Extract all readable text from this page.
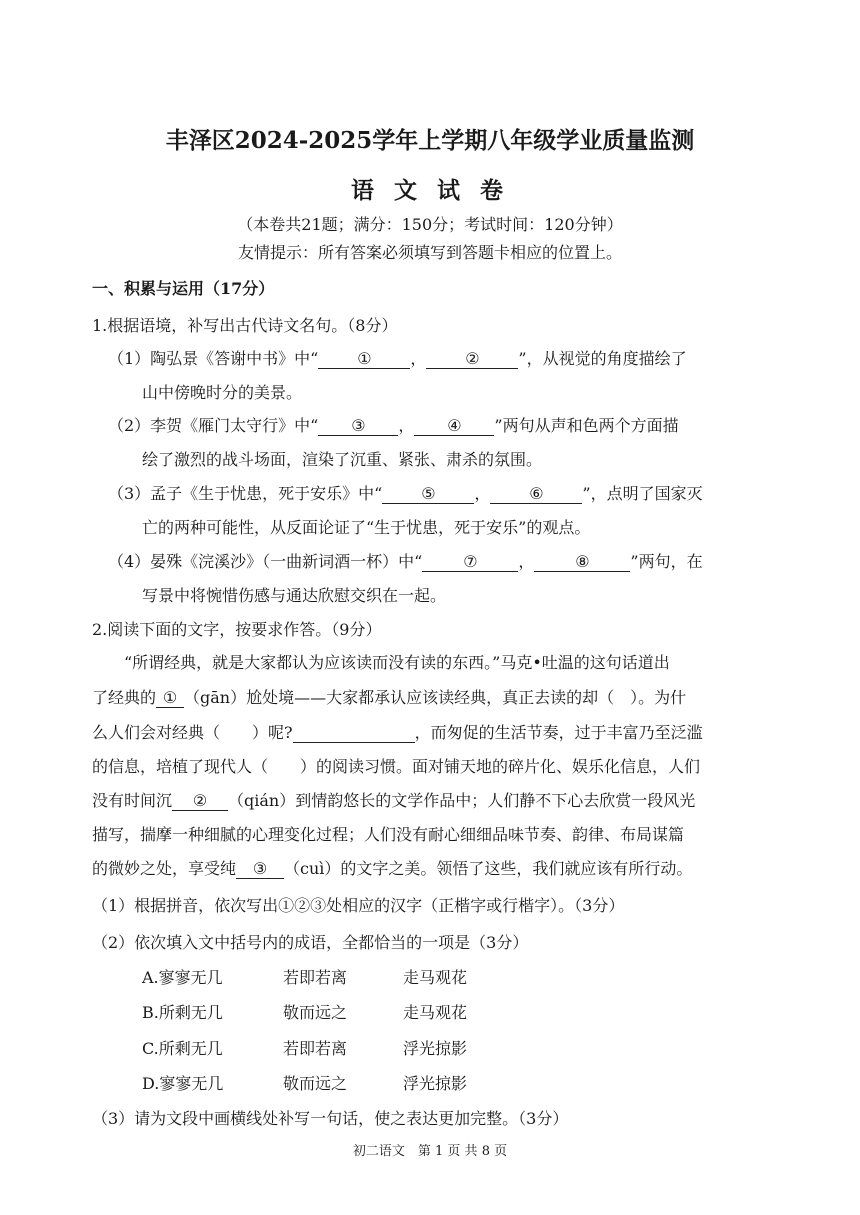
丰泽区2024-2025学年上学期八年级学业质量监测
语 文 试 卷
（本卷共21题；满分：150分；考试时间：120分钟）
友情提示：所有答案必须填写到答题卡相应的位置上。
一、积累与运用（17分）
1.根据语境，补写出古代诗文名句。（8分）
（1）陶弘景《答谢中书》中“ ① ， ② ”，从视觉的角度描绘了
山中傍晚时分的美景。
（2）李贺《雁门太守行》中“ ③ ， ④ ”两句从声和色两个方面描
绘了激烈的战斗场面，渲染了沉重、紧张、肃杀的氛围。
（3）孟子《生于忧患，死于安乐》中“ ⑤ ， ⑥ ”，点明了国家灭
亡的两种可能性，从反面论证了“生于忧患，死于安乐”的观点。
（4）晏殊《浣溪沙》（一曲新词酒一杯）中“	⑦	，	⑧	”两句，在
写景中将惋惜伤感与通达欣慰交织在一起。
2.阅读下面的文字，按要求作答。（9分）
“所谓经典，就是大家都认为应该读而没有读的东西。”马克•吐温的这句话道出
了经典的 ① （gān）尬处境——大家都承认应该读经典，真正去读的却（　）。为什
么人们会对经典（　　）呢?	，而匆促的生活节奏，过于丰富乃至泛滥
的信息，培植了现代人（　　）的阅读习惯。面对铺天地的碎片化、娱乐化信息，人们
没有时间沉 ② （qián）到情韵悠长的文学作品中；人们静不下心去欣赏一段风光
描写，揣摩一种细腻的心理变化过程；人们没有耐心细细品味节奏、韵律、布局谋篇
的微妙之处，享受纯 ③ （cuì）的文字之美。领悟了这些，我们就应该有所行动。
（1）根据拼音，依次写出①②③处相应的汉字（正楷字或行楷字）。（3分）
（2）依次填入文中括号内的成语，全都恰当的一项是（3分）
A.寥寥无几	若即若离	走马观花
B.所剩无几	敬而远之	走马观花
C.所剩无几	若即若离	浮光掠影
D.寥寥无几	敬而远之	浮光掠影
（3）请为文段中画横线处补写一句话，使之表达更加完整。（3分）
初二语文　第 1 页 共 8 页
